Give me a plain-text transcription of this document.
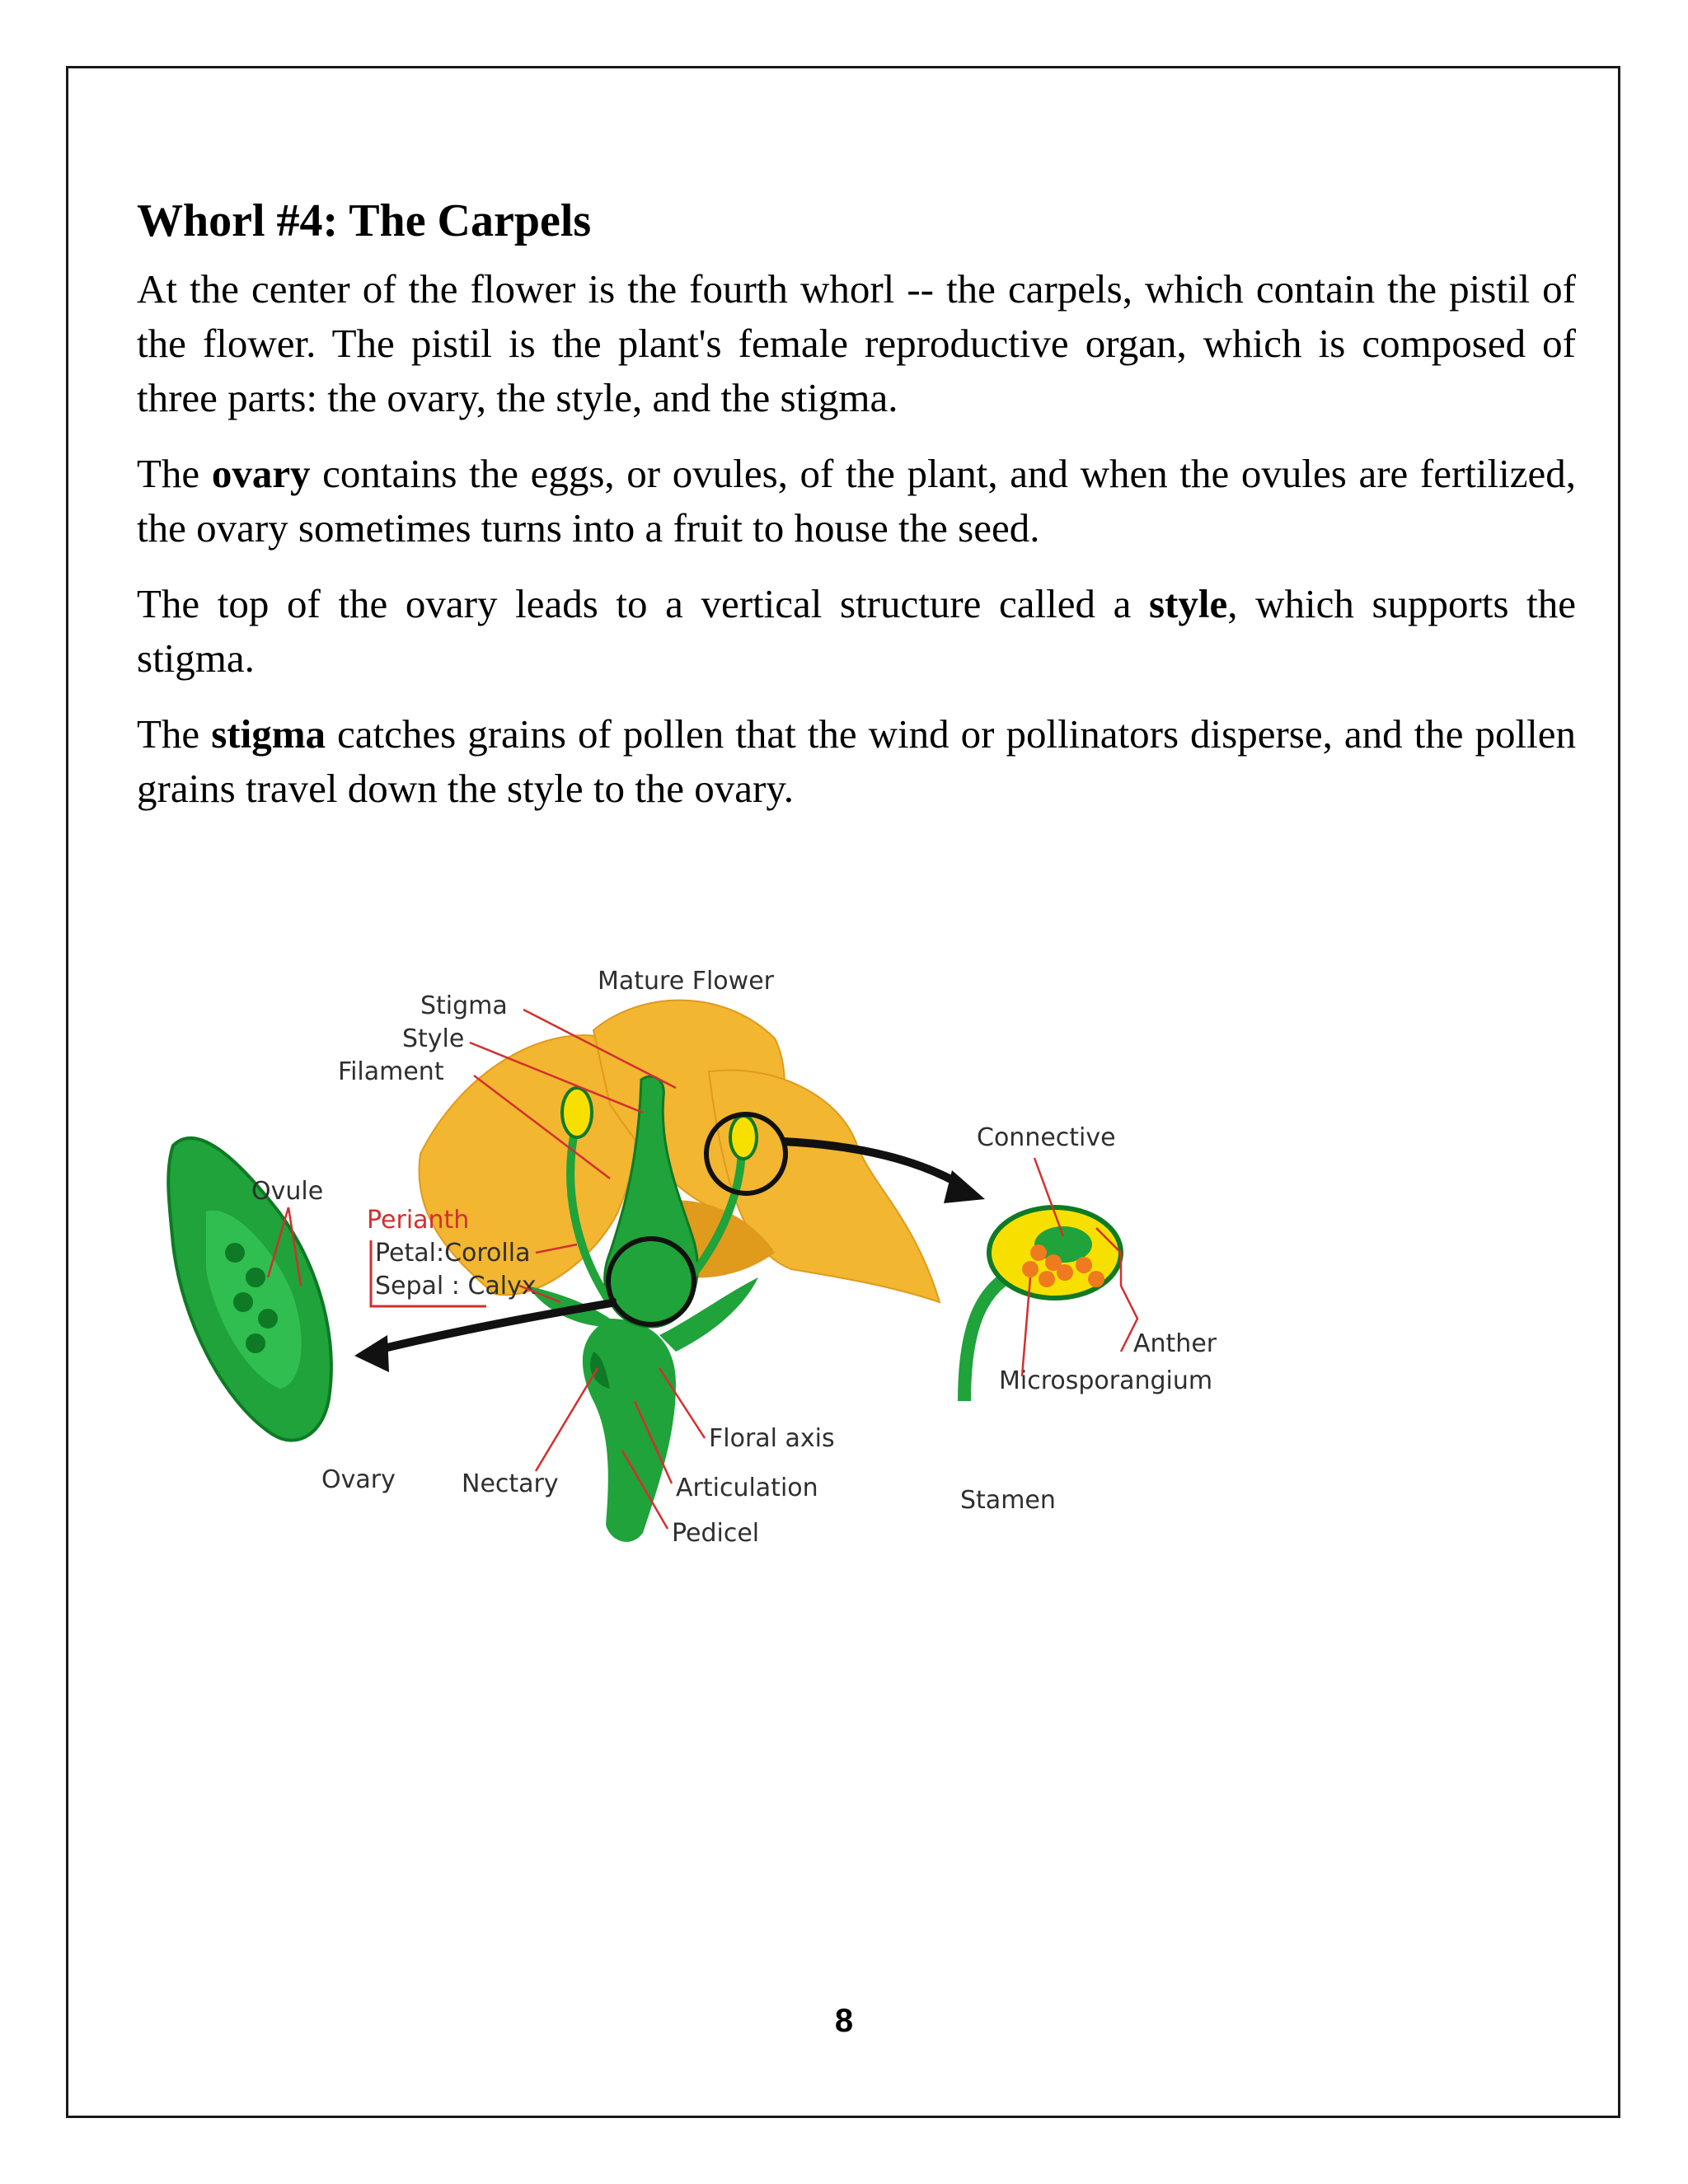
Whorl #4: The Carpels

At the center of the flower is the fourth whorl -- the carpels, which contain the pistil of the flower. The pistil is the plant's female reproductive organ, which is composed of three parts: the ovary, the style, and the stigma.

The ovary contains the eggs, or ovules, of the plant, and when the ovules are fertilized, the ovary sometimes turns into a fruit to house the seed.

The top of the ovary leads to a vertical structure called a style, which supports the stigma.

The stigma catches grains of pollen that the wind or pollinators disperse, and the pollen grains travel down the style to the ovary.

Mature Flower
Stigma
Style
Filament
Ovule
Perianth
Petal:Corolla
Sepal : Calyx
Ovary	Nectary
Floral axis
Articulation
Pedicel
Connective
Anther
Microsporangium
Stamen
8
